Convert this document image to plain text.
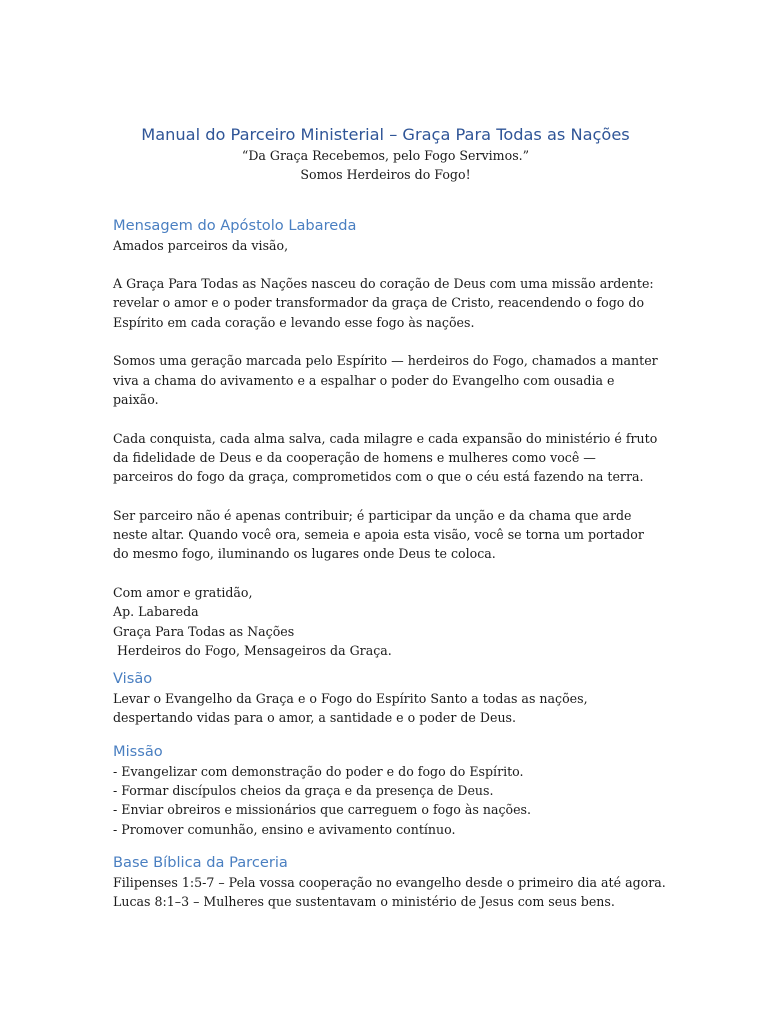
Manual do Parceiro Ministerial – Graça Para Todas as Nações

“Da Graça Recebemos, pelo Fogo Servimos.”

Somos Herdeiros do Fogo!

Mensagem do Apóstolo Labareda

Amados parceiros da visão,

A Graça Para Todas as Nações nasceu do coração de Deus com uma missão ardente: revelar o amor e o poder transformador da graça de Cristo, reacendendo o fogo do Espírito em cada coração e levando esse fogo às nações.

Somos uma geração marcada pelo Espírito — herdeiros do Fogo, chamados a manter viva a chama do avivamento e a espalhar o poder do Evangelho com ousadia e paixão.

Cada conquista, cada alma salva, cada milagre e cada expansão do ministério é fruto da fidelidade de Deus e da cooperação de homens e mulheres como você — parceiros do fogo da graça, comprometidos com o que o céu está fazendo na terra.

Ser parceiro não é apenas contribuir; é participar da unção e da chama que arde neste altar. Quando você ora, semeia e apoia esta visão, você se torna um portador do mesmo fogo, iluminando os lugares onde Deus te coloca.

Com amor e gratidão,

Ap. Labareda

Graça Para Todas as Nações

Herdeiros do Fogo, Mensageiros da Graça.

Visão

Levar o Evangelho da Graça e o Fogo do Espírito Santo a todas as nações, despertando vidas para o amor, a santidade e o poder de Deus.

Missão

- Evangelizar com demonstração do poder e do fogo do Espírito.

- Formar discípulos cheios da graça e da presença de Deus.

- Enviar obreiros e missionários que carreguem o fogo às nações.

- Promover comunhão, ensino e avivamento contínuo.

Base Bíblica da Parceria

Filipenses 1:5-7 – Pela vossa cooperação no evangelho desde o primeiro dia até agora.

Lucas 8:1–3 – Mulheres que sustentavam o ministério de Jesus com seus bens.
